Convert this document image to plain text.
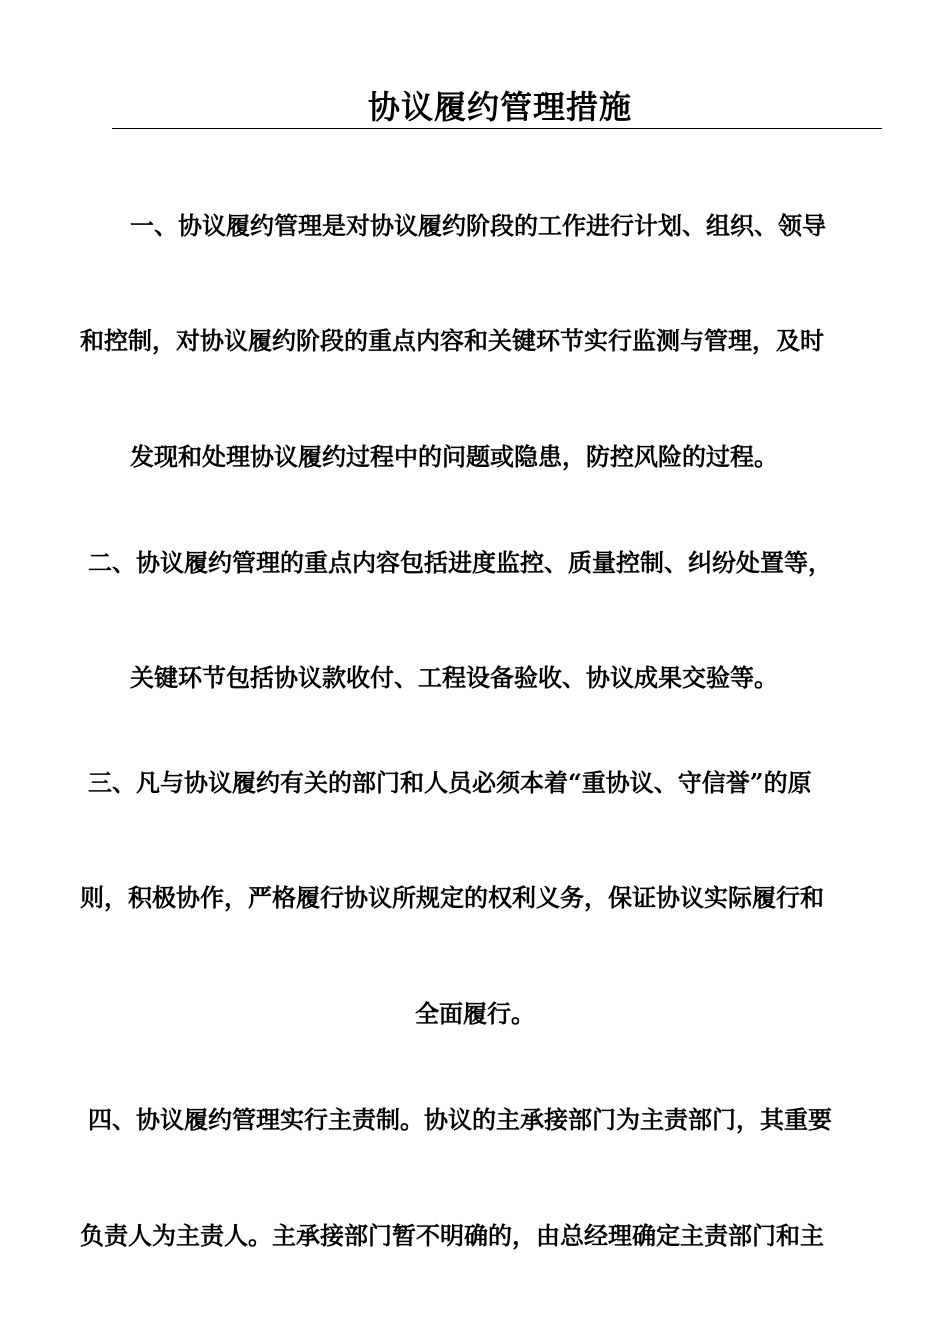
协议履约管理措施
一、协议履约管理是对协议履约阶段的工作进行计划、组织、领导
和控制，对协议履约阶段的重点内容和关键环节实行监测与管理，及时
发现和处理协议履约过程中的问题或隐患，防控风险的过程。
二、协议履约管理的重点内容包括进度监控、质量控制、纠纷处置等，
关键环节包括协议款收付、工程设备验收、协议成果交验等。
三、凡与协议履约有关的部门和人员必须本着“重协议、守信誉”的原
则，积极协作，严格履行协议所规定的权利义务，保证协议实际履行和
全面履行。
四、协议履约管理实行主责制。协议的主承接部门为主责部门，其重要
负责人为主责人。主承接部门暂不明确的，由总经理确定主责部门和主
